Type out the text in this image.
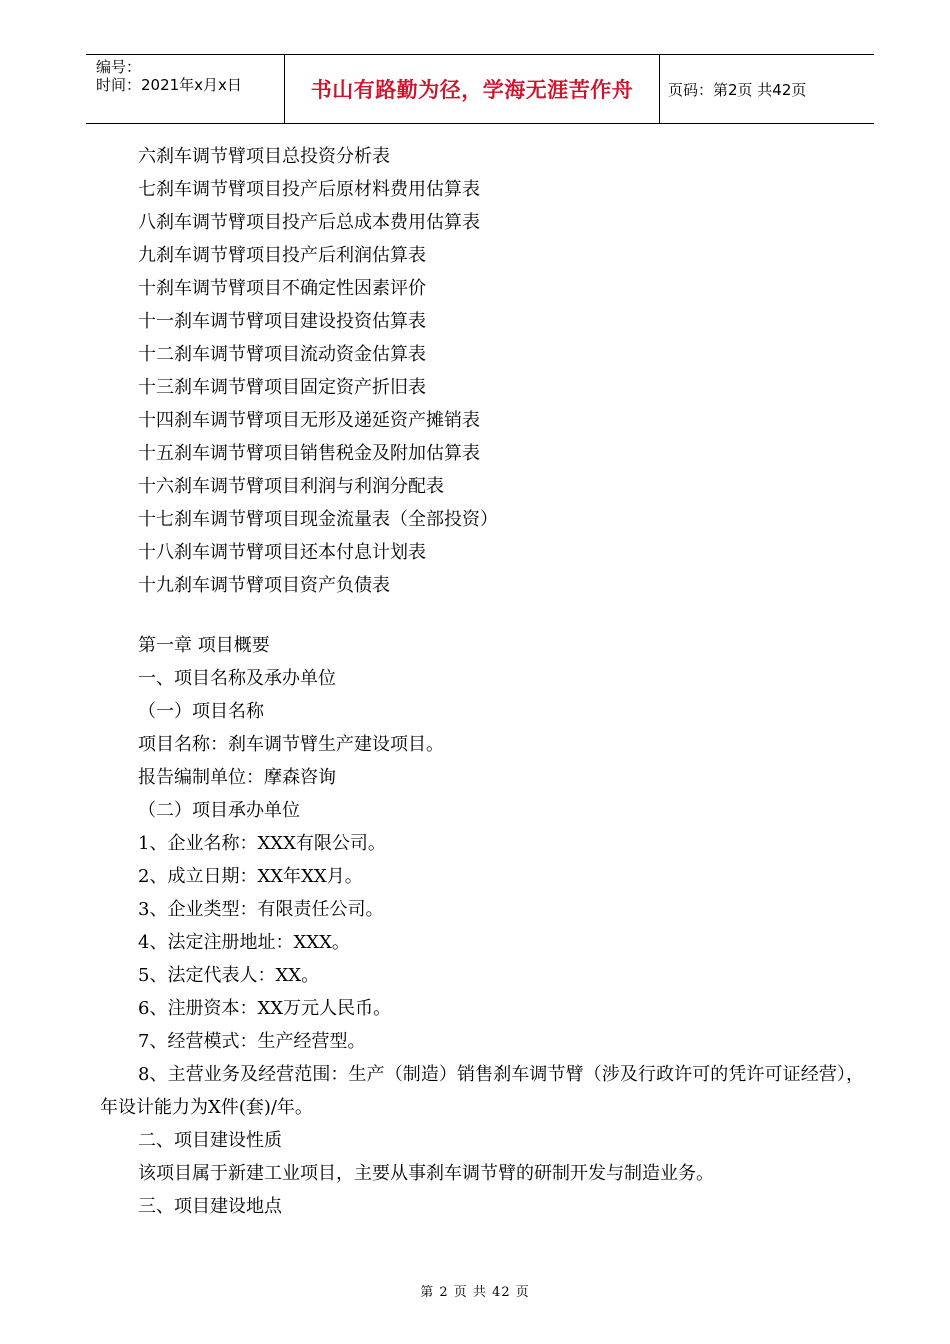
编号：
时间：2021年x月x日	书山有路勤为径，学海无涯苦作舟	页码：第2页 共42页
六刹车调节臂项目总投资分析表
七刹车调节臂项目投产后原材料费用估算表
八刹车调节臂项目投产后总成本费用估算表
九刹车调节臂项目投产后利润估算表
十刹车调节臂项目不确定性因素评价
十一刹车调节臂项目建设投资估算表
十二刹车调节臂项目流动资金估算表
十三刹车调节臂项目固定资产折旧表
十四刹车调节臂项目无形及递延资产摊销表
十五刹车调节臂项目销售税金及附加估算表
十六刹车调节臂项目利润与利润分配表
十七刹车调节臂项目现金流量表（全部投资）
十八刹车调节臂项目还本付息计划表
十九刹车调节臂项目资产负债表
第一章 项目概要
一、项目名称及承办单位
（一）项目名称
项目名称：刹车调节臂生产建设项目。
报告编制单位：摩森咨询
（二）项目承办单位
1、企业名称：XXX有限公司。
2、成立日期：XX年XX月。
3、企业类型：有限责任公司。
4、法定注册地址：XXX。
5、法定代表人：XX。
6、注册资本：XX万元人民币。
7、经营模式：生产经营型。
8、主营业务及经营范围：生产（制造）销售刹车调节臂（涉及行政许可的凭许可证经营），年设计能力为X件(套)/年。
二、项目建设性质
该项目属于新建工业项目，主要从事刹车调节臂的研制开发与制造业务。
三、项目建设地点
第 2 页 共 42 页
